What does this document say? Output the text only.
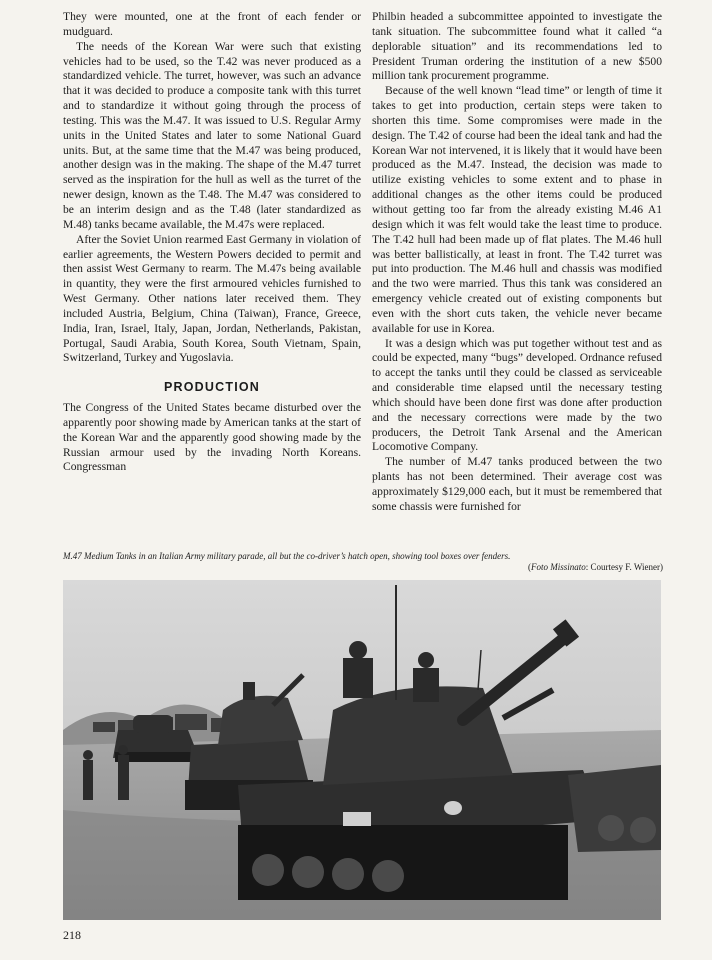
They were mounted, one at the front of each fender or mudguard.

The needs of the Korean War were such that existing vehicles had to be used, so the T.42 was never produced as a standardized vehicle. The turret, however, was such an advance that it was decided to produce a composite tank with this turret and to standardize it without going through the process of testing. This was the M.47. It was issued to U.S. Regular Army units in the United States and later to some National Guard units. But, at the same time that the M.47 was being produced, another design was in the making. The shape of the M.47 turret served as the inspiration for the hull as well as the turret of the newer design, known as the T.48. The M.47 was considered to be an interim design and as the T.48 (later standardized as M.48) tanks became available, the M.47s were replaced.

After the Soviet Union rearmed East Germany in violation of earlier agreements, the Western Powers decided to permit and then assist West Germany to rearm. The M.47s being available in quantity, they were the first armoured vehicles furnished to West Germany. Other nations later received them. They included Austria, Belgium, China (Taiwan), France, Greece, India, Iran, Israel, Italy, Japan, Jordan, Netherlands, Pakistan, Portugal, Saudi Arabia, South Korea, South Vietnam, Spain, Switzerland, Turkey and Yugoslavia.

PRODUCTION

The Congress of the United States became disturbed over the apparently poor showing made by American tanks at the start of the Korean War and the apparently good showing made by the Russian armour used by the invading North Koreans. Congressman

Philbin headed a subcommittee appointed to investigate the tank situation. The subcommittee found what it called “a deplorable situation” and its recommendations led to President Truman ordering the institution of a new $500 million tank procurement programme.

Because of the well known “lead time” or length of time it takes to get into production, certain steps were taken to shorten this time. Some compromises were made in the design. The T.42 of course had been the ideal tank and had the Korean War not intervened, it is likely that it would have been produced as the M.47. Instead, the decision was made to utilize existing vehicles to some extent and to phase in additional changes as the other items could be produced without getting too far from the already existing M.46 A1 design which it was felt would take the least time to produce. The T.42 hull had been made up of flat plates. The M.46 hull was better ballistically, at least in front. The T.42 turret was put into production. The M.46 hull and chassis was modified and the two were married. Thus this tank was considered an emergency vehicle created out of existing components but even with the short cuts taken, the vehicle never became available for use in Korea.

It was a design which was put together without test and as could be expected, many “bugs” developed. Ordnance refused to accept the tanks until they could be classed as serviceable and considerable time elapsed until the necessary testing which should have been done first was done after production and the necessary corrections were made by the two producers, the Detroit Tank Arsenal and the American Locomotive Company.

The number of M.47 tanks produced between the two plants has not been determined. Their average cost was approximately $129,000 each, but it must be remembered that some chassis were furnished for

M.47 Medium Tanks in an Italian Army military parade, all but the co-driver’s hatch open, showing tool boxes over fenders.
(Foto Missinato: Courtesy F. Wiener)
218
